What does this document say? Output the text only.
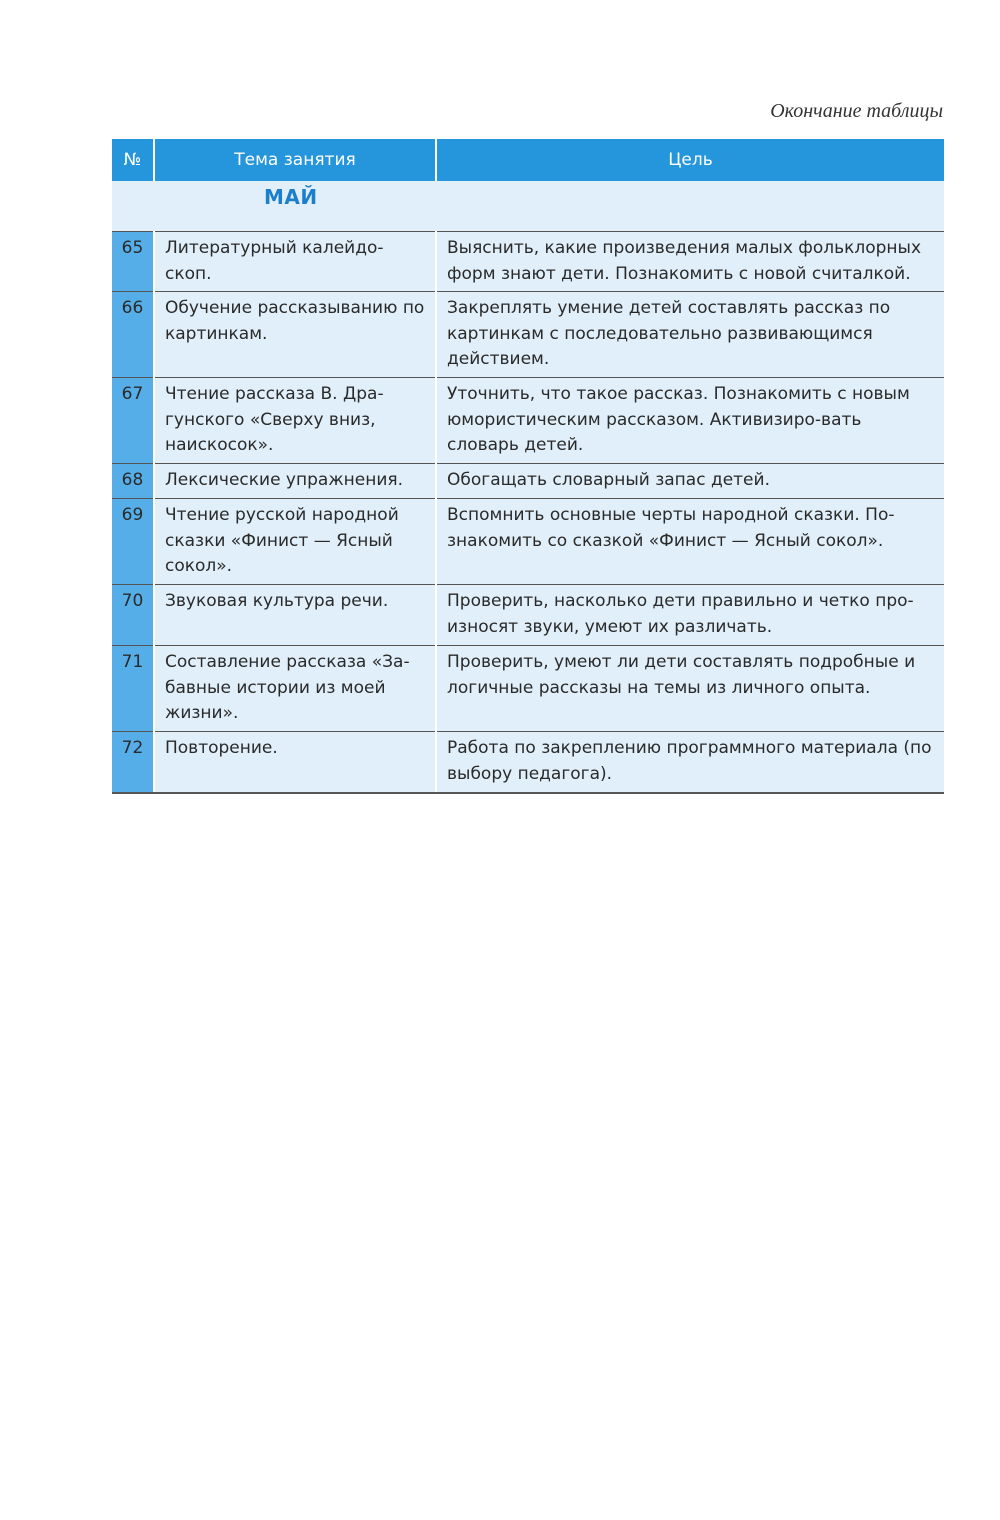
Окончание таблицы
№	Тема занятия	Цель
МАЙ		
65	Литературный калейдо-скоп.	Выяснить, какие произведения малых фольклорных форм знают дети. Познакомить с новой считалкой.
66	Обучение рассказыванию по картинкам.	Закреплять умение детей составлять рассказ по картинкам с последовательно развивающимся действием.
67	Чтение рассказа В. Дра-гунского «Сверху вниз, наискосок».	Уточнить, что такое рассказ. Познакомить с новым юмористическим рассказом. Активизиро-вать словарь детей.
68	Лексические упражнения.	Обогащать словарный запас детей.
69	Чтение русской народной сказки «Финист — Ясный сокол».	Вспомнить основные черты народной сказки. По-знакомить со сказкой «Финист — Ясный сокол».
70	Звуковая культура речи.	Проверить, насколько дети правильно и четко про-износят звуки, умеют их различать.
71	Составление рассказа «За-бавные истории из моей жизни».	Проверить, умеют ли дети составлять подробные и логичные рассказы на темы из личного опыта.
72	Повторение.	Работа по закреплению программного материала (по выбору педагога).
